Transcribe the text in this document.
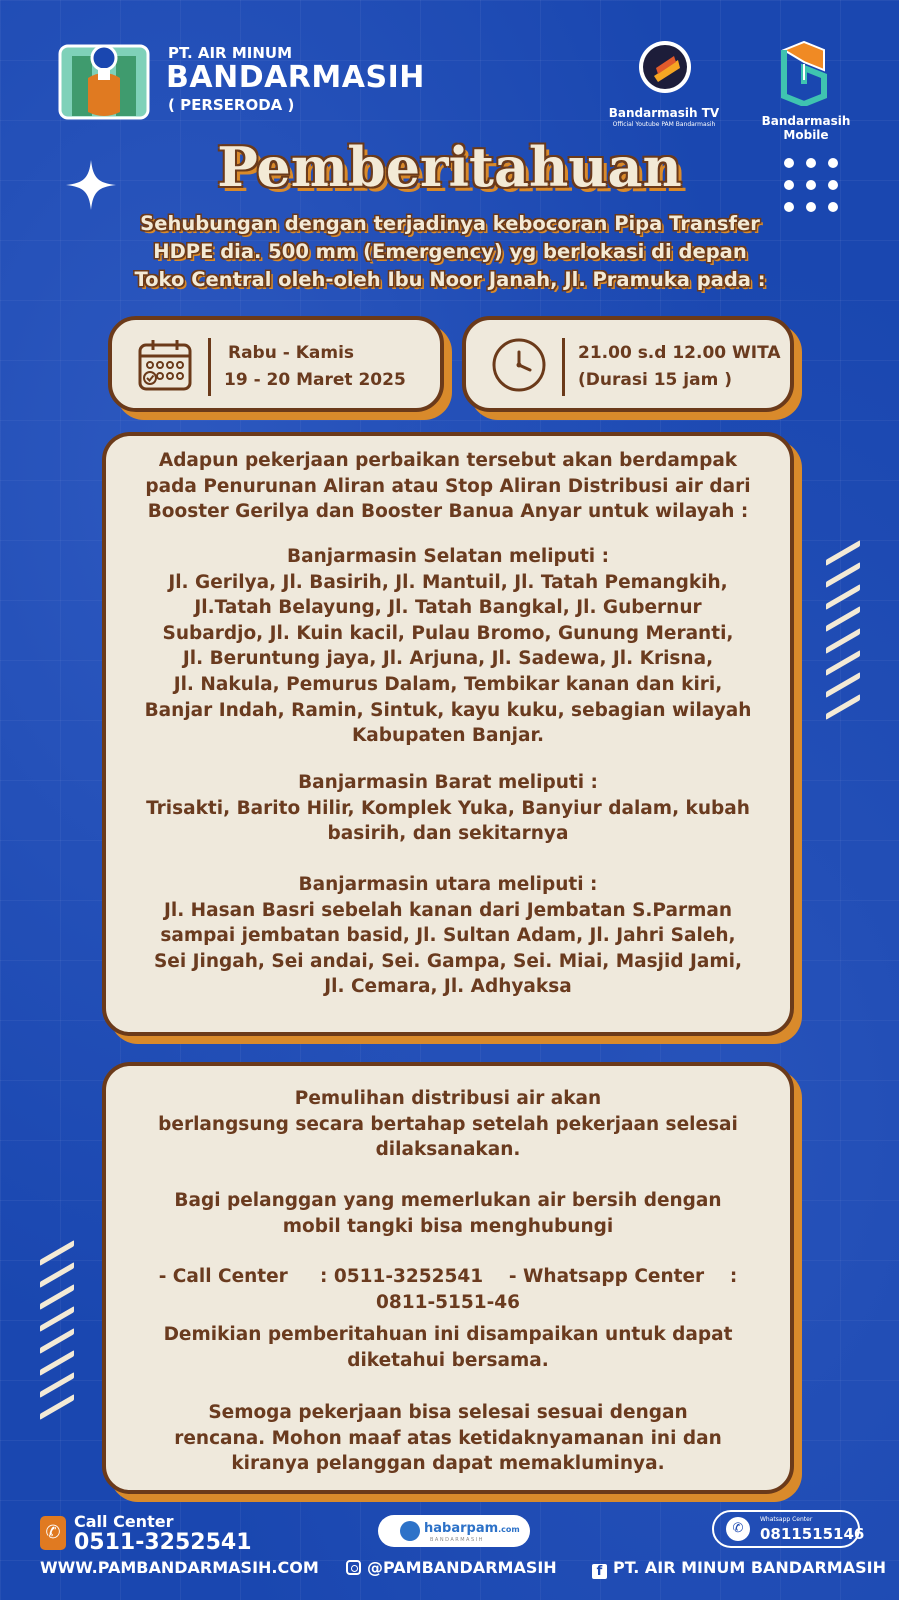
PT. AIR MINUM
BANDARMASIH
( PERSERODA )	Bandarmasih TV
Official Youtube PAM Bandarmasih	Bandarmasih Mobile
Pemberitahuan
Sehubungan dengan terjadinya kebocoran Pipa Transfer
HDPE dia. 500 mm (Emergency) yg berlokasi di depan
Toko Central oleh-oleh Ibu Noor Janah, Jl. Pramuka pada :
Rabu - Kamis
19 - 20 Maret 2025
21.00 s.d 12.00 WITA
(Durasi 15 jam )
Adapun pekerjaan perbaikan tersebut akan berdampak
pada Penurunan Aliran atau Stop Aliran Distribusi air dari
Booster Gerilya dan Booster Banua Anyar untuk wilayah :
Banjarmasin Selatan meliputi :
Jl. Gerilya, Jl. Basirih, Jl. Mantuil, Jl. Tatah Pemangkih,
Jl.Tatah Belayung, Jl. Tatah Bangkal, Jl. Gubernur
Subardjo, Jl. Kuin kacil, Pulau Bromo, Gunung Meranti,
Jl. Beruntung jaya, Jl. Arjuna, Jl. Sadewa, Jl. Krisna,
Jl. Nakula, Pemurus Dalam, Tembikar kanan dan kiri,
Banjar Indah, Ramin, Sintuk, kayu kuku, sebagian wilayah
Kabupaten Banjar.
Banjarmasin Barat meliputi :
Trisakti, Barito Hilir, Komplek Yuka, Banyiur dalam, kubah
basirih, dan sekitarnya
Banjarmasin utara meliputi :
Jl. Hasan Basri sebelah kanan dari Jembatan S.Parman
sampai jembatan basid, Jl. Sultan Adam, Jl. Jahri Saleh,
Sei Jingah, Sei andai, Sei. Gampa, Sei. Miai, Masjid Jami,
Jl. Cemara, Jl. Adhyaksa
Pemulihan distribusi air akan
berlangsung secara bertahap setelah pekerjaan selesai
dilaksanakan.
Bagi pelanggan yang memerlukan air bersih dengan
mobil tangki bisa menghubungi
- Call Center     : 0511-3252541    - Whatsapp Center    :
0811-5151-46
Demikian pemberitahuan ini disampaikan untuk dapat
diketahui bersama.
Semoga pekerjaan bisa selesai sesuai dengan
rencana. Mohon maaf atas ketidaknyamanan ini dan
kiranya pelanggan dapat memakluminya.
✆
Call Center
0511-3252541
WWW.PAMBANDARMASIH.COM
habarpam.com
BANDARMASIH
@PAMBANDARMASIH	f PT. AIR MINUM BANDARMASIH
✆
Whatsapp Center
0811515146
